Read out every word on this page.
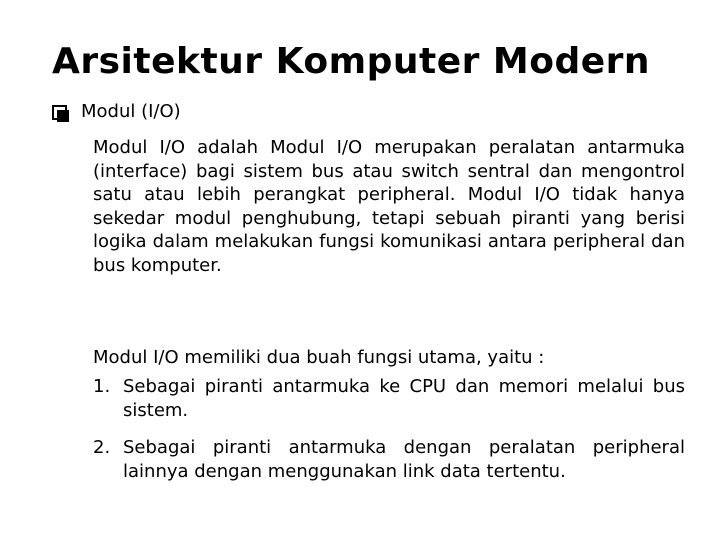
Arsitektur Komputer Modern
Modul (I/O)
Modul I/O adalah Modul I/O merupakan peralatan antarmuka (interface) bagi sistem bus atau switch sentral dan mengontrol satu atau lebih perangkat peripheral. Modul I/O tidak hanya sekedar modul penghubung, tetapi sebuah piranti yang berisi logika dalam melakukan fungsi komunikasi antara peripheral dan bus komputer.
Modul I/O memiliki dua buah fungsi utama, yaitu :
1. Sebagai piranti antarmuka ke CPU dan memori melalui bus sistem.
2. Sebagai piranti antarmuka dengan peralatan peripheral lainnya dengan menggunakan link data tertentu.
